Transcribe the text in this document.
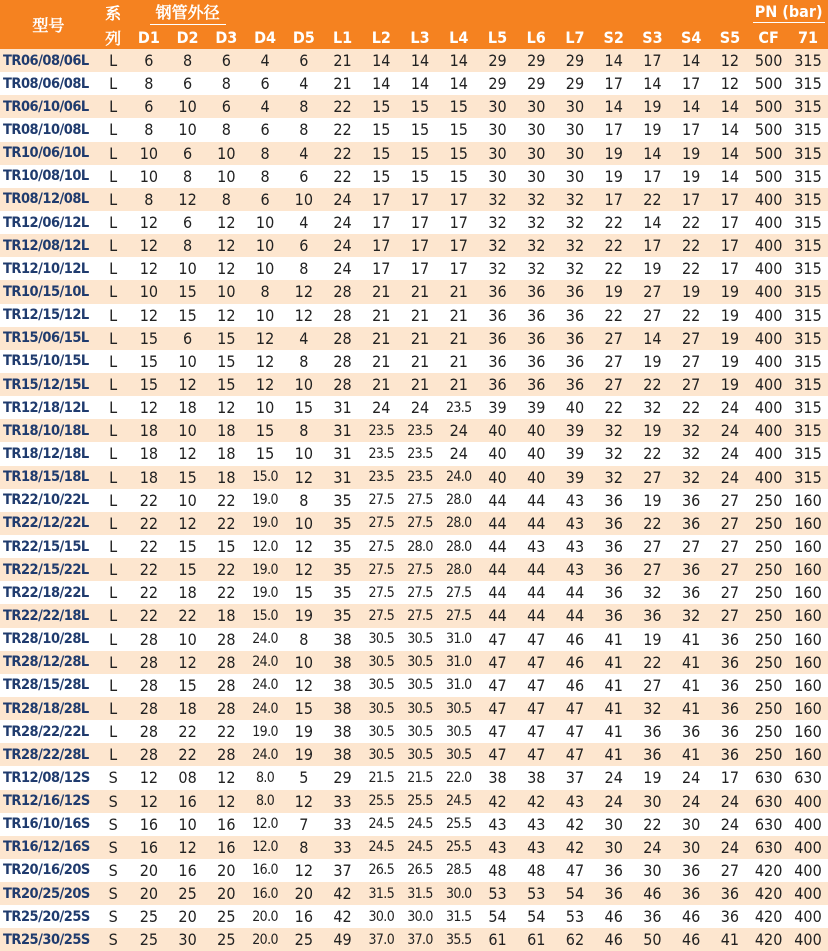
型号	系	钢管外径																PN (bar)	
	列	D1	D2	D3	D4	D5	L1	L2	L3	L4	L5	L6	L7	S2	S3	S4	S5	CF	71
TR06/08/06L	L	6	8	6	4	6	21	14	14	14	29	29	29	14	17	14	12	500	315
TR08/06/08L	L	8	6	8	6	4	21	14	14	14	29	29	29	17	14	17	12	500	315
TR06/10/06L	L	6	10	6	4	8	22	15	15	15	30	30	30	14	19	14	14	500	315
TR08/10/08L	L	8	10	8	6	8	22	15	15	15	30	30	30	17	19	17	14	500	315
TR10/06/10L	L	10	6	10	8	4	22	15	15	15	30	30	30	19	14	19	14	500	315
TR10/08/10L	L	10	8	10	8	6	22	15	15	15	30	30	30	19	17	19	14	500	315
TR08/12/08L	L	8	12	8	6	10	24	17	17	17	32	32	32	17	22	17	17	400	315
TR12/06/12L	L	12	6	12	10	4	24	17	17	17	32	32	32	22	14	22	17	400	315
TR12/08/12L	L	12	8	12	10	6	24	17	17	17	32	32	32	22	17	22	17	400	315
TR12/10/12L	L	12	10	12	10	8	24	17	17	17	32	32	32	22	19	22	17	400	315
TR10/15/10L	L	10	15	10	8	12	28	21	21	21	36	36	36	19	27	19	19	400	315
TR12/15/12L	L	12	15	12	10	12	28	21	21	21	36	36	36	22	27	22	19	400	315
TR15/06/15L	L	15	6	15	12	4	28	21	21	21	36	36	36	27	14	27	19	400	315
TR15/10/15L	L	15	10	15	12	8	28	21	21	21	36	36	36	27	19	27	19	400	315
TR15/12/15L	L	15	12	15	12	10	28	21	21	21	36	36	36	27	22	27	19	400	315
TR12/18/12L	L	12	18	12	10	15	31	24	24	23.5	39	39	40	22	32	22	24	400	315
TR18/10/18L	L	18	10	18	15	8	31	23.5	23.5	24	40	40	39	32	19	32	24	400	315
TR18/12/18L	L	18	12	18	15	10	31	23.5	23.5	24	40	40	39	32	22	32	24	400	315
TR18/15/18L	L	18	15	18	15.0	12	31	23.5	23.5	24.0	40	40	39	32	27	32	24	400	315
TR22/10/22L	L	22	10	22	19.0	8	35	27.5	27.5	28.0	44	44	43	36	19	36	27	250	160
TR22/12/22L	L	22	12	22	19.0	10	35	27.5	27.5	28.0	44	44	43	36	22	36	27	250	160
TR22/15/15L	L	22	15	15	12.0	12	35	27.5	28.0	28.0	44	43	43	36	27	27	27	250	160
TR22/15/22L	L	22	15	22	19.0	12	35	27.5	27.5	28.0	44	44	43	36	27	36	27	250	160
TR22/18/22L	L	22	18	22	19.0	15	35	27.5	27.5	27.5	44	44	44	36	32	36	27	250	160
TR22/22/18L	L	22	22	18	15.0	19	35	27.5	27.5	27.5	44	44	44	36	36	32	27	250	160
TR28/10/28L	L	28	10	28	24.0	8	38	30.5	30.5	31.0	47	47	46	41	19	41	36	250	160
TR28/12/28L	L	28	12	28	24.0	10	38	30.5	30.5	31.0	47	47	46	41	22	41	36	250	160
TR28/15/28L	L	28	15	28	24.0	12	38	30.5	30.5	31.0	47	47	46	41	27	41	36	250	160
TR28/18/28L	L	28	18	28	24.0	15	38	30.5	30.5	30.5	47	47	47	41	32	41	36	250	160
TR28/22/22L	L	28	22	22	19.0	19	38	30.5	30.5	30.5	47	47	47	41	36	36	36	250	160
TR28/22/28L	L	28	22	28	24.0	19	38	30.5	30.5	30.5	47	47	47	41	36	41	36	250	160
TR12/08/12S	S	12	08	12	8.0	5	29	21.5	21.5	22.0	38	38	37	24	19	24	17	630	630
TR12/16/12S	S	12	16	12	8.0	12	33	25.5	25.5	24.5	42	42	43	24	30	24	24	630	400
TR16/10/16S	S	16	10	16	12.0	7	33	24.5	24.5	25.5	43	43	42	30	22	30	24	630	400
TR16/12/16S	S	16	12	16	12.0	8	33	24.5	24.5	25.5	43	43	42	30	24	30	24	630	400
TR20/16/20S	S	20	16	20	16.0	12	37	26.5	26.5	28.5	48	48	47	36	30	36	27	420	400
TR20/25/20S	S	20	25	20	16.0	20	42	31.5	31.5	30.0	53	53	54	36	46	36	36	420	400
TR25/20/25S	S	25	20	25	20.0	16	42	30.0	30.0	31.5	54	54	53	46	36	46	36	420	400
TR25/30/25S	S	25	30	25	20.0	25	49	37.0	37.0	35.5	61	61	62	46	50	46	41	420	400
